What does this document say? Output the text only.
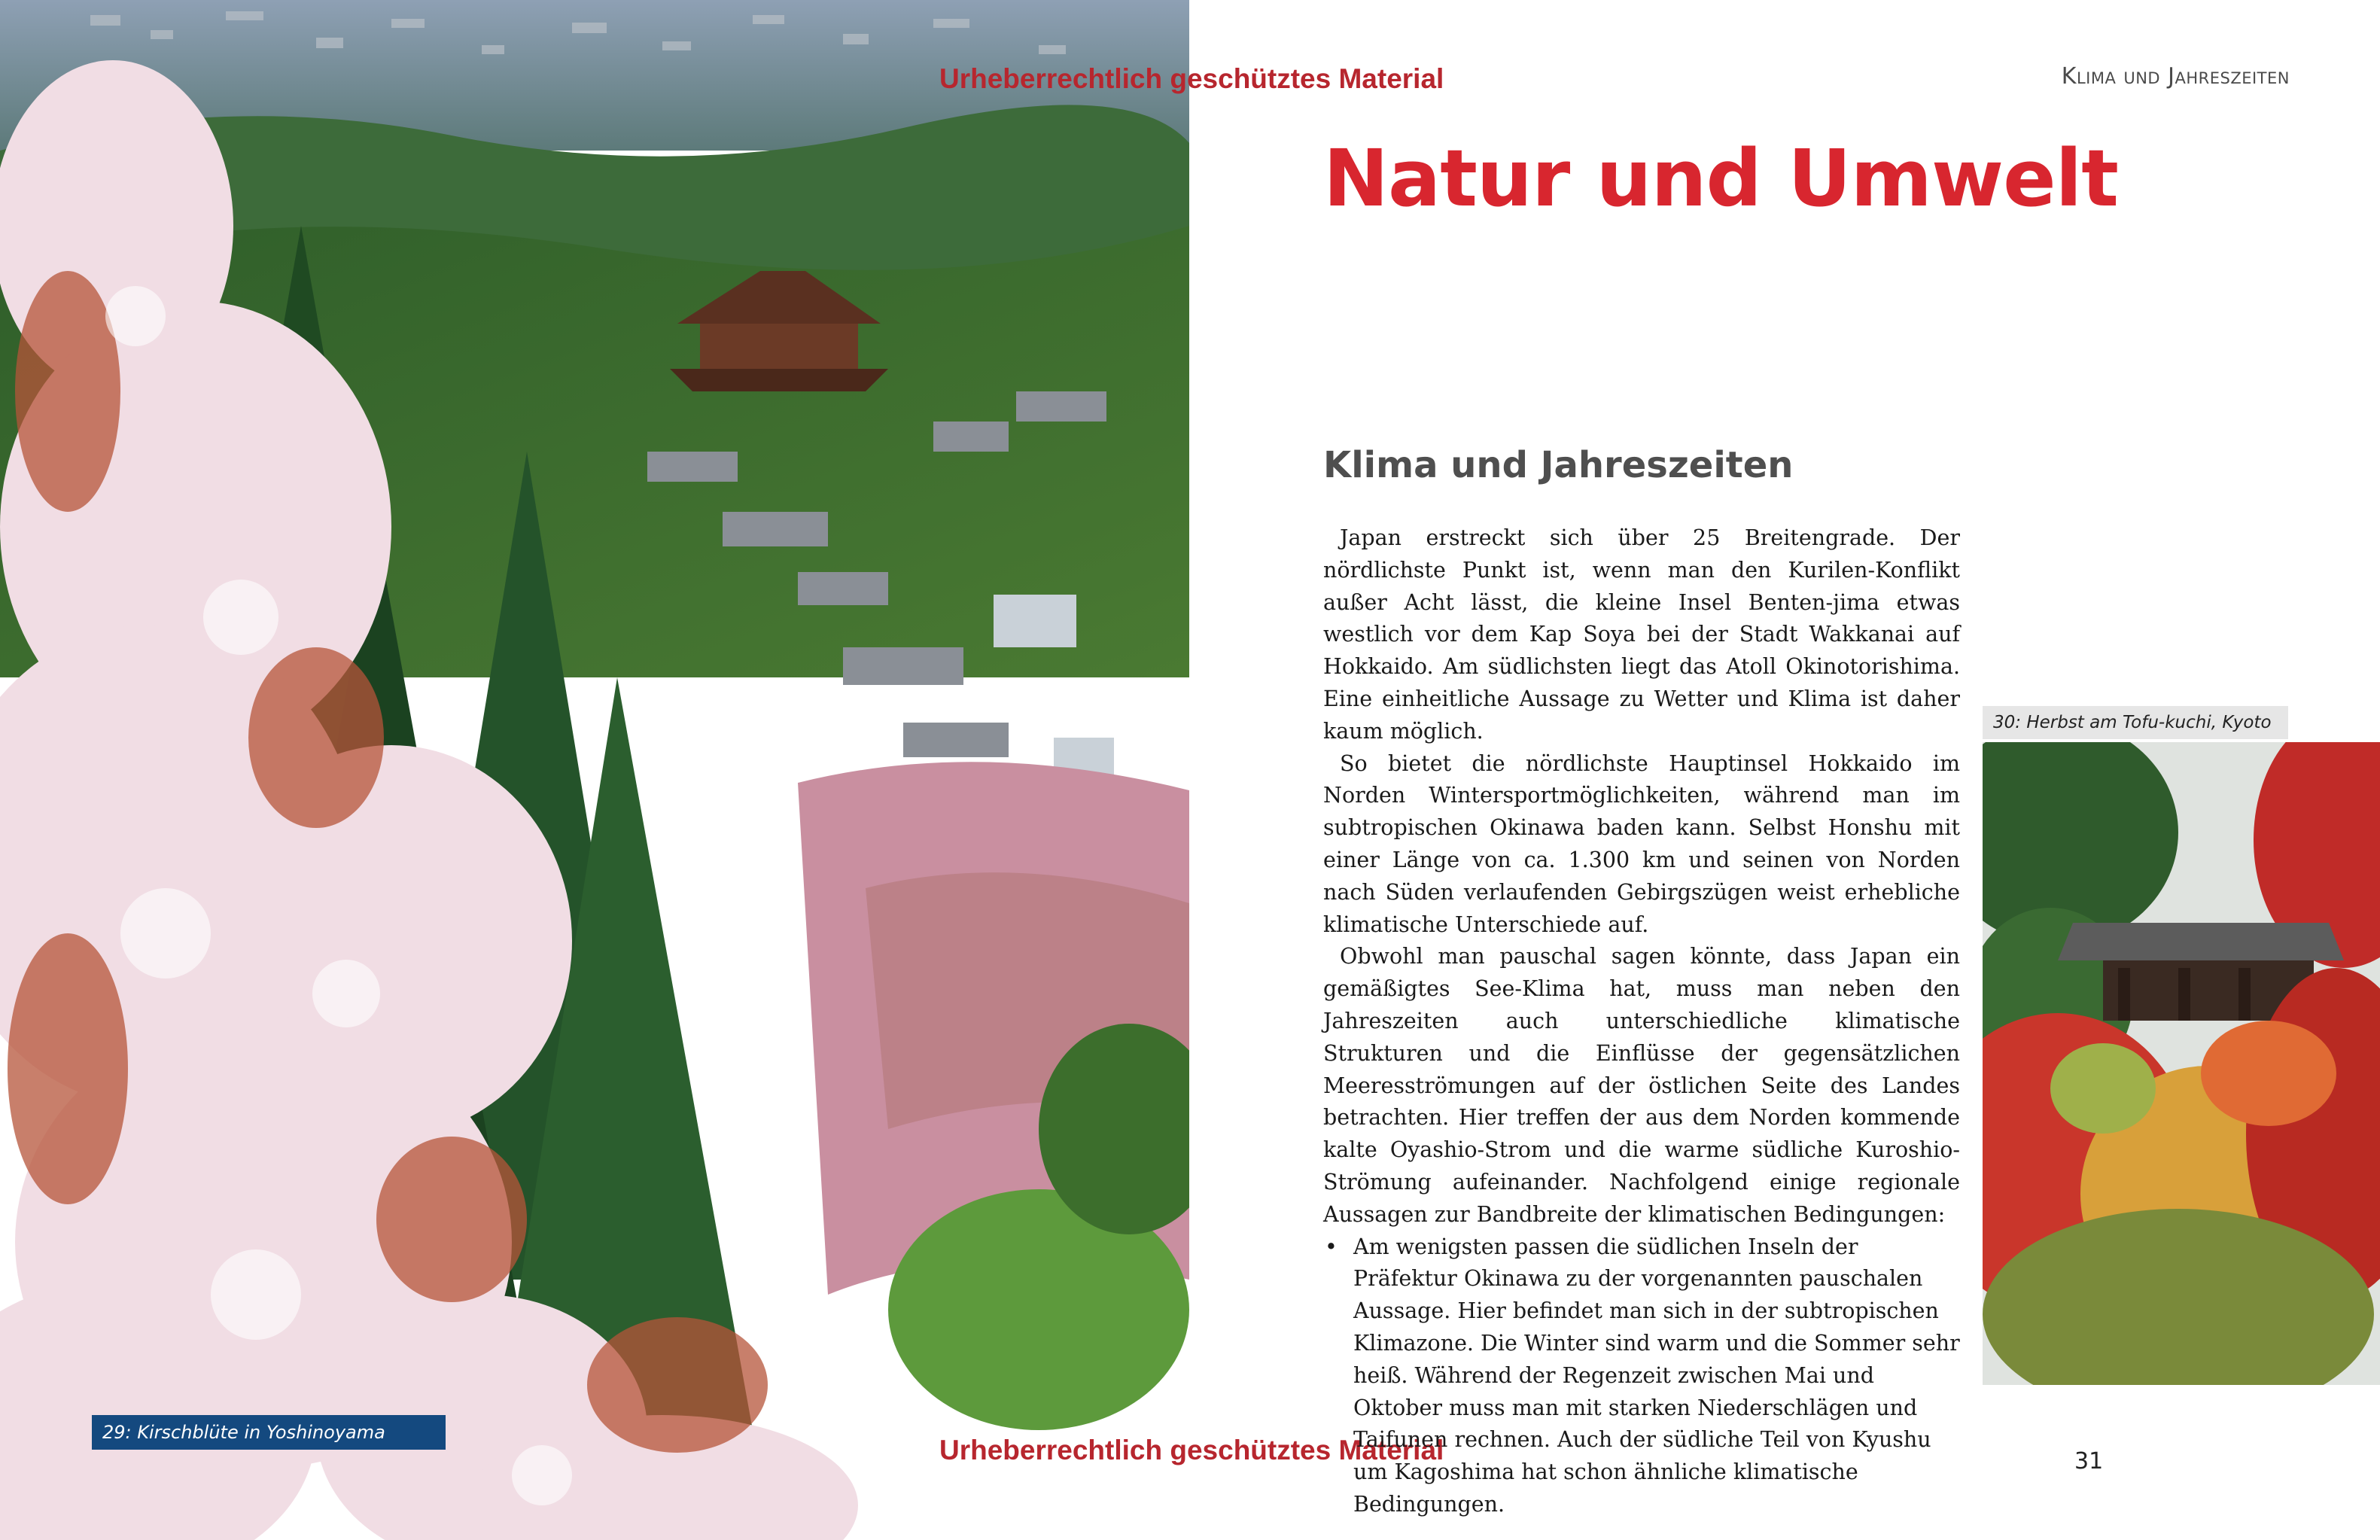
29: Kirschblüte in Yoshinoyama
Urheberrechtlich geschütztes Material
Urheberrechtlich geschütztes Material
Klima und Jahreszeiten
Natur und Umwelt
Klima und Jahreszeiten

Japan erstreckt sich über 25 Breitengrade. Der nördlichste Punkt ist, wenn man den Kurilen-Konflikt außer Acht lässt, die kleine Insel Benten-jima etwas westlich vor dem Kap Soya bei der Stadt Wakkanai auf Hokkaido. Am südlichsten liegt das Atoll Okinotorishima. Eine einheitliche Aussage zu Wetter und Klima ist daher kaum möglich.

So bietet die nördlichste Hauptinsel Hokkaido im Norden Wintersportmöglichkeiten, während man im subtropischen Okinawa baden kann. Selbst Honshu mit einer Länge von ca. 1.300 km und seinen von Norden nach Süden verlaufenden Gebirgszügen weist erhebliche klimatische Unterschiede auf.

Obwohl man pauschal sagen könnte, dass Japan ein gemäßigtes See-Klima hat, muss man neben den Jahreszeiten auch unterschiedliche klimatische Strukturen und die Einflüsse der gegensätzlichen Meeresströmungen auf der östlichen Seite des Landes betrachten. Hier treffen der aus dem Norden kommende kalte Oyashio-Strom und die warme südliche Kuroshio-Strömung aufeinander. Nachfolgend einige regionale Aussagen zur Bandbreite der klimatischen Bedingungen:

• Am wenigsten passen die südlichen Inseln der Präfektur Okinawa zu der vorgenannten pauschalen Aussage. Hier befindet man sich in der subtropischen Klimazone. Die Winter sind warm und die Sommer sehr heiß. Während der Regenzeit zwischen Mai und Oktober muss man mit starken Niederschlägen und Taifunen rechnen. Auch der südliche Teil von Kyushu um Kagoshima hat schon ähnliche klimatische Bedingungen.
30: Herbst am Tofu-kuchi, Kyoto
31
